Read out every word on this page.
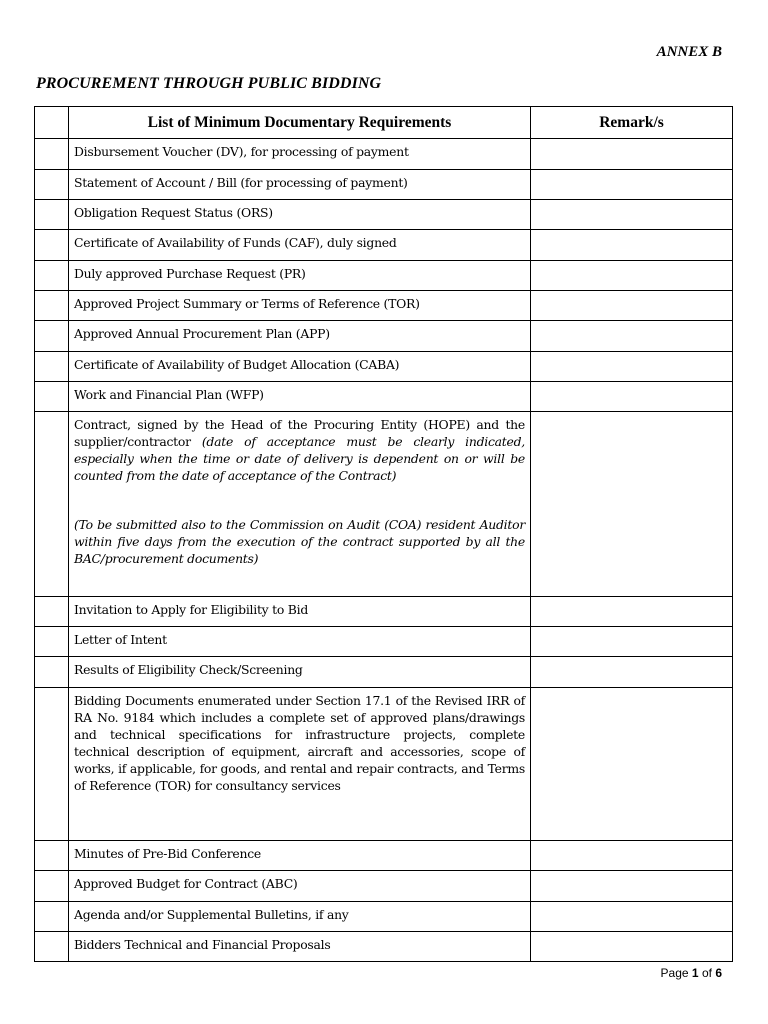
ANNEX B
PROCUREMENT THROUGH PUBLIC BIDDING
	List of Minimum Documentary Requirements	Remark/s

	Disbursement Voucher (DV), for processing of payment	

	Statement of Account / Bill (for processing of payment)	

	Obligation Request Status (ORS)	

	Certificate of Availability of Funds (CAF), duly signed	

	Duly approved Purchase Request (PR)	

	Approved Project Summary or Terms of Reference (TOR)	

	Approved Annual Procurement Plan (APP)	

	Certificate of Availability of Budget Allocation (CABA)	

	Work and Financial Plan (WFP)	

	Contract, signed by the Head of the Procuring Entity (HOPE) and the supplier/contractor (date of acceptance must be clearly indicated, especially when the time or date of delivery is dependent on or will be counted from the date of acceptance of the Contract)
(To be submitted also to the Commission on Audit (COA) resident Auditor within five days from the execution of the contract supported by all the BAC/procurement documents)	

	Invitation to Apply for Eligibility to Bid	

	Letter of Intent	

	Results of Eligibility Check/Screening	

	Bidding Documents enumerated under Section 17.1 of the Revised IRR of RA No. 9184 which includes a complete set of approved plans/drawings and technical specifications for infrastructure projects, complete technical description of equipment, aircraft and accessories, scope of works, if applicable, for goods, and rental and repair contracts, and Terms of Reference (TOR) for consultancy services	

	Minutes of Pre-Bid Conference	

	Approved Budget for Contract (ABC)	

	Agenda and/or Supplemental Bulletins, if any	

	Bidders Technical and Financial Proposals	

Page 1 of 6
